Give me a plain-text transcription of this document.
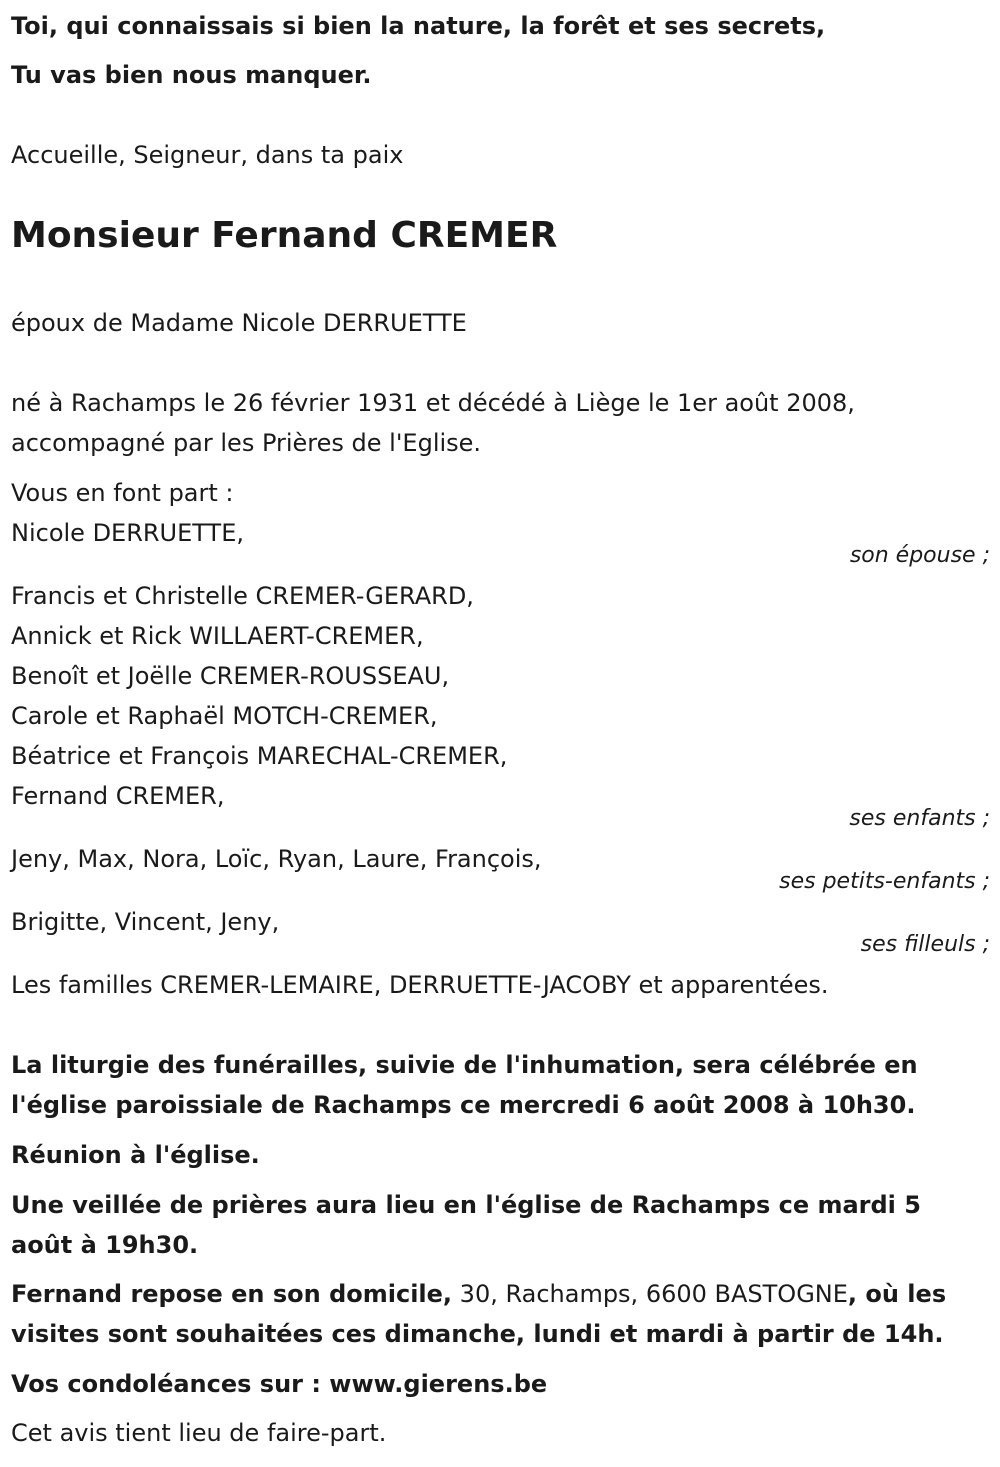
Toi, qui connaissais si bien la nature, la forêt et ses secrets,
Tu vas bien nous manquer.
Accueille, Seigneur, dans ta paix
Monsieur Fernand CREMER
époux de Madame Nicole DERRUETTE
né à Rachamps le 26 février 1931 et décédé à Liège le 1er août 2008,
accompagné par les Prières de l'Eglise.
Vous en font part :
Nicole DERRUETTE,
son épouse ;
Francis et Christelle CREMER-GERARD,
Annick et Rick WILLAERT-CREMER,
Benoît et Joëlle CREMER-ROUSSEAU,
Carole et Raphaël MOTCH-CREMER,
Béatrice et François MARECHAL-CREMER,
Fernand CREMER,
ses enfants ;
Jeny, Max, Nora, Loïc, Ryan, Laure, François,
ses petits-enfants ;
Brigitte, Vincent, Jeny,
ses filleuls ;
Les familles CREMER-LEMAIRE, DERRUETTE-JACOBY et apparentées.
La liturgie des funérailles, suivie de l'inhumation, sera célébrée en
l'église paroissiale de Rachamps ce mercredi 6 août 2008 à 10h30.
Réunion à l'église.
Une veillée de prières aura lieu en l'église de Rachamps ce mardi 5
août à 19h30.
Fernand repose en son domicile, 30, Rachamps, 6600 BASTOGNE, où les
visites sont souhaitées ces dimanche, lundi et mardi à partir de 14h.
Vos condoléances sur : www.gierens.be
Cet avis tient lieu de faire-part.
